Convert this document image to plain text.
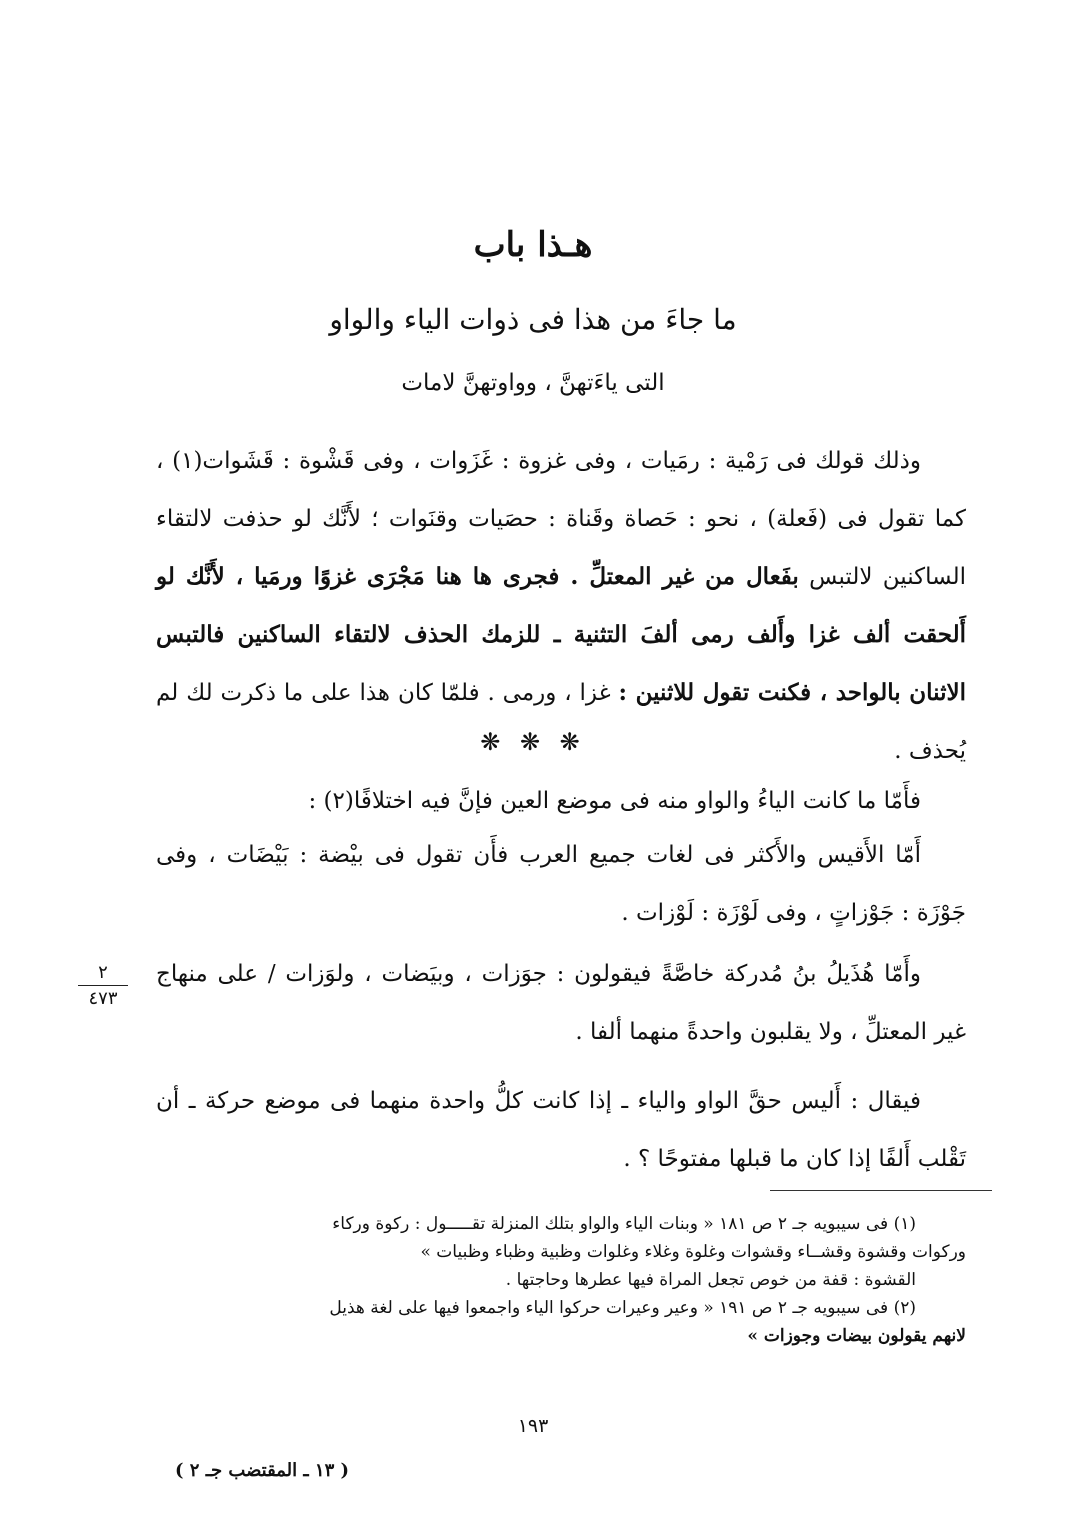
هـذا باب
ما جاءَ من هذا فى ذوات الياء والواو
التى ياءَتهنَّ ، وواوتهنَّ لامات
وذلك قولك فى رَمْية : رمَيات ، وفى غزوة : غَزَوات ، وفى قَشْوة : قَشَوات(١) ، كما تقول فى (فَعلة) ، نحو : حَصاة وقَناة : حصَيات وقنَوات ؛ لأَنَّك لو حذفت لالتقاء الساكنين لالتبس بفَعال من غير المعتلِّ . فجرى ها هنا مَجْرَى غزوًا ورمَيا ، لأَنَّك لو أَلحقت ألف غزا وأَلف رمى ألفَ التثنية ـ للزمك الحذف لالتقاء الساكنين فالتبس الاثنان بالواحد ، فكنت تقول للاثنين : غزا ، ورمى . فلمّا كان هذا على ما ذكرت لك لم يُحذف .
❋ ❋ ❋
فأَمّا ما كانت الياءُ والواو منه فى موضع العين فإنَّ فيه اختلافًا(٢) :
أَمّا الأَقيس والأَكثر فى لغات جميع العرب فأَن تقول فى بيْضة : بَيْضَات ، وفى جَوْزَة : جَوْزاتٍ ، وفى لَوْزَة : لَوْزات .
وأَمّا هُذَيلُ بنُ مُدركة خاصَّةً فيقولون : جوَزات ، وبيَضات ، ولوَزات / على منهاج غير المعتلِّ ، ولا يقلبون واحدةً منهما ألفا .
٢
٤٧٣
فيقال : أَليس حقَّ الواو والياء ـ إذا كانت كلُّ واحدة منهما فى موضع حركة ـ أن تَقْلب أَلفًا إذا كان ما قبلها مفتوحًا ؟ .
(١) فى سيبويه جـ ٢ ص ١٨١ « وبنات الياء والواو بتلك المنزلة تقـــــول : ركوة وركاء
وركوات وقشوة وقشــاء وقشوات وغلوة وغلاء وغلوات وظبية وظباء وظبيات »
القشوة : قفة من خوص تجعل المراة فيها عطرها وحاجتها .
(٢) فى سيبويه جـ ٢ ص ١٩١ « وعير وعيرات حركوا الياء واجمعوا فيها على لغة هذيل
لانهم يقولون بيضات وجوزات »
١٩٣
( ١٣ ـ المقتضب جـ ٢ )
